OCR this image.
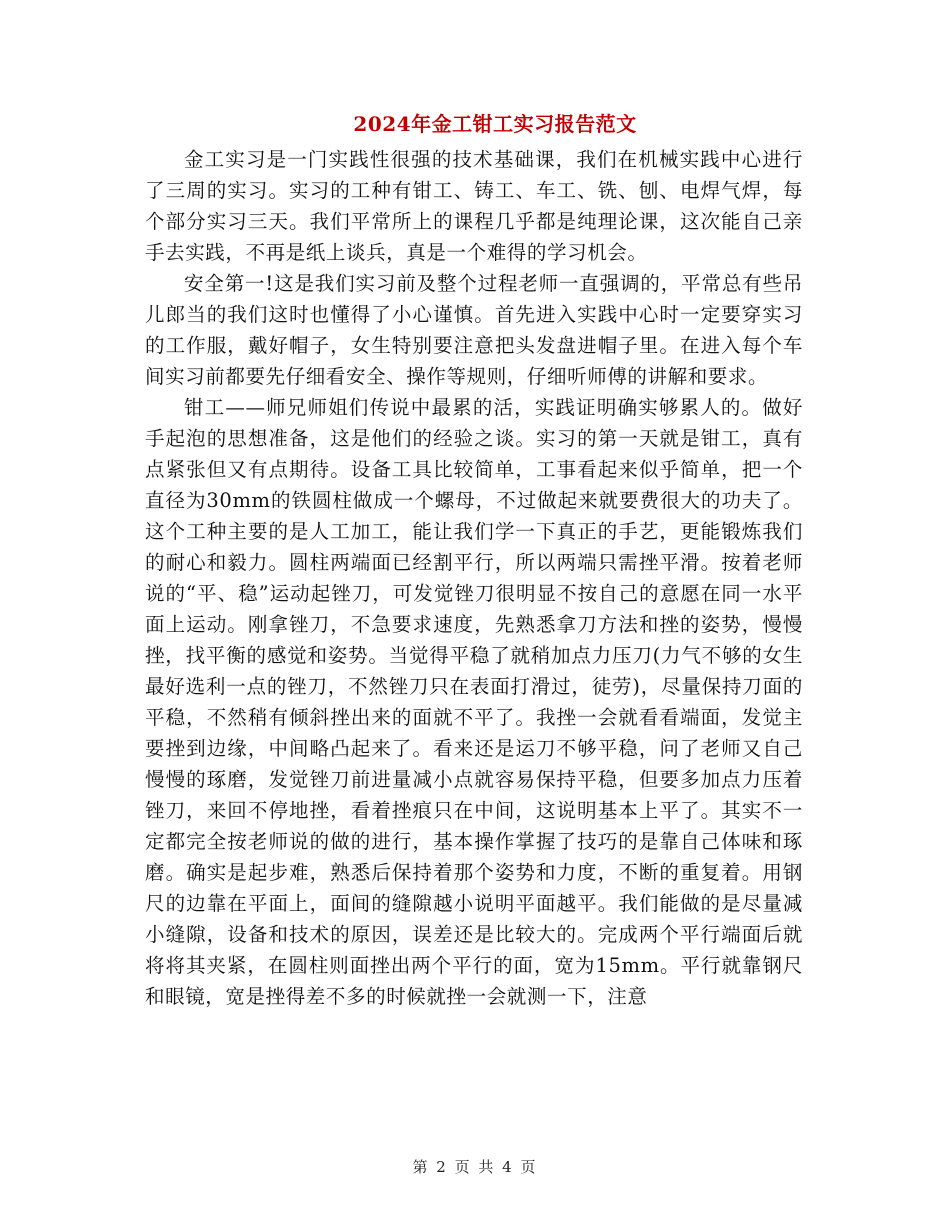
2024年金工钳工实习报告范文

金工实习是一门实践性很强的技术基础课，我们在机械实践中心进行了三周的实习。实习的工种有钳工、铸工、车工、铣、刨、电焊气焊，每个部分实习三天。我们平常所上的课程几乎都是纯理论课，这次能自己亲手去实践，不再是纸上谈兵，真是一个难得的学习机会。

安全第一!这是我们实习前及整个过程老师一直强调的，平常总有些吊儿郎当的我们这时也懂得了小心谨慎。首先进入实践中心时一定要穿实习的工作服，戴好帽子，女生特别要注意把头发盘进帽子里。在进入每个车间实习前都要先仔细看安全、操作等规则，仔细听师傅的讲解和要求。

钳工——师兄师姐们传说中最累的活，实践证明确实够累人的。做好手起泡的思想准备，这是他们的经验之谈。实习的第一天就是钳工，真有点紧张但又有点期待。设备工具比较简单，工事看起来似乎简单，把一个直径为30mm的铁圆柱做成一个螺母，不过做起来就要费很大的功夫了。这个工种主要的是人工加工，能让我们学一下真正的手艺，更能锻炼我们的耐心和毅力。圆柱两端面已经割平行，所以两端只需挫平滑。按着老师说的“平、稳”运动起锉刀，可发觉锉刀很明显不按自己的意愿在同一水平面上运动。刚拿锉刀，不急要求速度，先熟悉拿刀方法和挫的姿势，慢慢挫，找平衡的感觉和姿势。当觉得平稳了就稍加点力压刀(力气不够的女生最好选利一点的锉刀，不然锉刀只在表面打滑过，徒劳)，尽量保持刀面的平稳，不然稍有倾斜挫出来的面就不平了。我挫一会就看看端面，发觉主要挫到边缘，中间略凸起来了。看来还是运刀不够平稳，问了老师又自己慢慢的琢磨，发觉锉刀前进量减小点就容易保持平稳，但要多加点力压着锉刀，来回不停地挫，看着挫痕只在中间，这说明基本上平了。其实不一定都完全按老师说的做的进行，基本操作掌握了技巧的是靠自己体味和琢磨。确实是起步难，熟悉后保持着那个姿势和力度，不断的重复着。用钢尺的边靠在平面上，面间的缝隙越小说明平面越平。我们能做的是尽量减小缝隙，设备和技术的原因，误差还是比较大的。完成两个平行端面后就将将其夹紧，在圆柱则面挫出两个平行的面，宽为15mm。平行就靠钢尺和眼镜，宽是挫得差不多的时候就挫一会就测一下，注意

第 2 页 共 4 页
